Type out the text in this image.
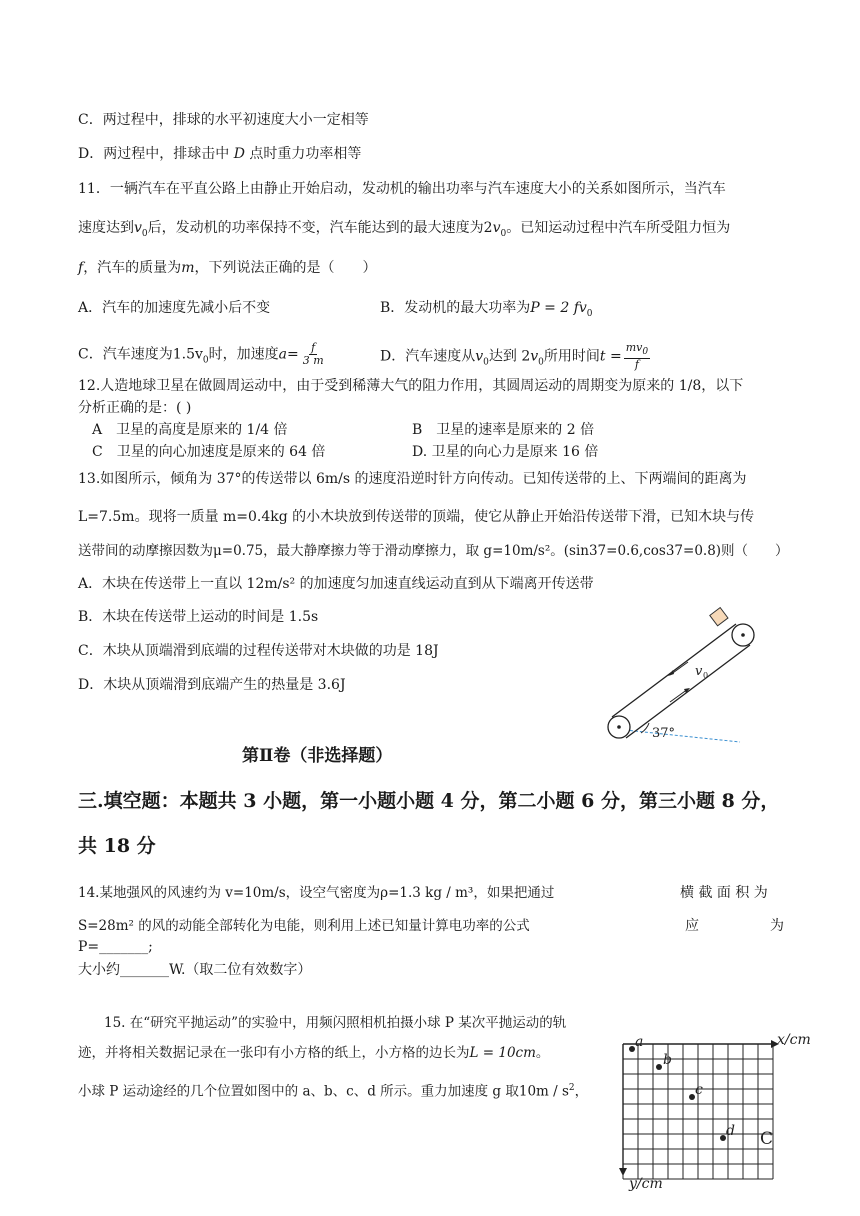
C．两过程中，排球的水平初速度大小一定相等
D．两过程中，排球击中 D 点时重力功率相等
11．一辆汽车在平直公路上由静止开始启动，发动机的输出功率与汽车速度大小的关系如图所示，当汽车
速度达到$v_0$后，发动机的功率保持不变，汽车能达到的最大速度为$2v_0$。已知运动过程中汽车所受阻力恒为
f，汽车的质量为m，下列说法正确的是（　　）
A．汽车的加速度先减小后不变	B．发动机的最大功率为P = 2 $fv_0$
C．汽车速度为$1.5v_0$时，加速度$a= \frac{f}{3 m}$	D．汽车速度从$v_0$达到 $2v_0$所用时间$t = \frac{mv_0}{f}$
12.人造地球卫星在做圆周运动中，由于受到稀薄大气的阻力作用，其圆周运动的周期变为原来的 1/8，以下
分析正确的是：( )
A　卫星的高度是原来的 1/4 倍	B　卫星的速率是原来的 2 倍
C　卫星的向心加速度是原来的 64 倍	D. 卫星的向心力是原来 16 倍
13.如图所示，倾角为 37°的传送带以 6m/s 的速度沿逆时针方向传动。已知传送带的上、下两端间的距离为
L=7.5m。现将一质量 m=0.4kg 的小木块放到传送带的顶端，使它从静止开始沿传送带下滑，已知木块与传
送带间的动摩擦因数为μ=0.75，最大静摩擦力等于滑动摩擦力，取 g=10m/s²。(sin37=0.6,cos37=0.8)则（　　）
A．木块在传送带上一直以 12m/s² 的加速度匀加速直线运动直到从下端离开传送带
B．木块在传送带上运动的时间是 1.5s
C．木块从顶端滑到底端的过程传送带对木块做的功是 18J
D．木块从顶端滑到底端产生的热量是 3.6J
v 0
37°
第Ⅱ卷（非选择题）
三.填空题：本题共 3 小题，第一小题小题 4 分，第二小题 6 分，第三小题 8 分，
共 18 分
14.某地强风的风速约为 v=10m/s，设空气密度为ρ=1.3 kg / m³，如果把通过	横 截 面 积 为
S=28m² 的风的动能全部转化为电能，则利用上述已知量计算电功率的公式	应	为
P=_______;
大小约_______W.（取二位有效数字）
15. 在“研究平抛运动”的实验中，用频闪照相机拍摄小球 P 某次平抛运动的轨
迹，并将相关数据记录在一张印有小方格的纸上，小方格的边长为L = 10cm。
小球 P 运动途经的几个位置如图中的 a、b、c、d 所示。重力加速度 g 取$10m / s^2$，
x/cm
y/cm
a
b
c
d C
